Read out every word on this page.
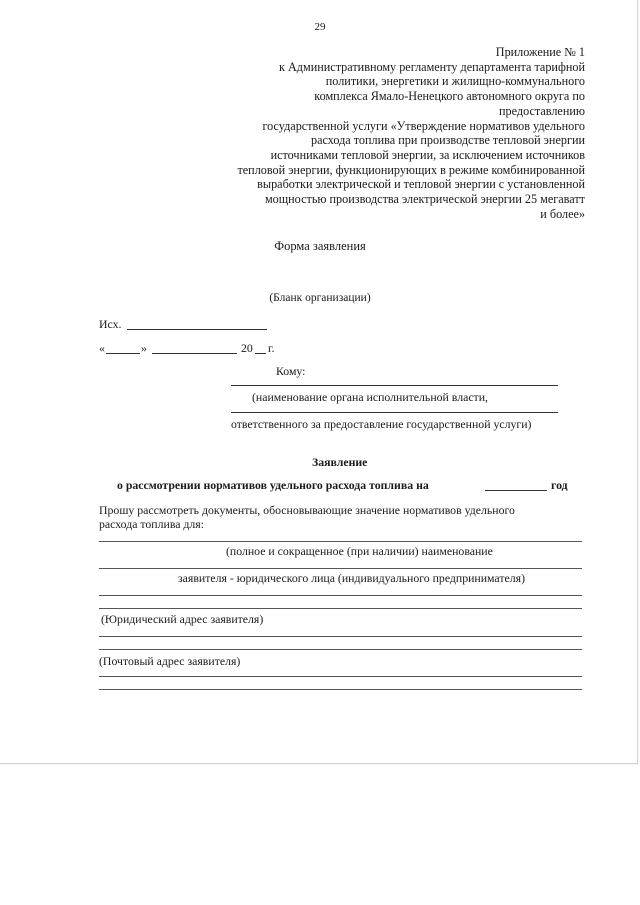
29
Приложение № 1
к Административному регламенту департамента тарифной
политики, энергетики и жилищно-коммунального
комплекса Ямало-Ненецкого автономного округа по
предоставлению
государственной услуги «Утверждение нормативов удельного
расхода топлива при производстве тепловой энергии
источниками тепловой энергии, за исключением источников
тепловой энергии, функционирующих в режиме комбинированной
выработки электрической и тепловой энергии с установленной
мощностью производства электрической энергии 25 мегаватт
и более»
Форма заявления
(Бланк организации)
Исх.
«	»	20 г.
Кому:
(наименование органа исполнительной власти,
ответственного за предоставление государственной услуги)
Заявление
о рассмотрении нормативов удельного расхода топлива на	год
Прошу рассмотреть документы, обосновывающие значение нормативов удельного
расхода топлива для:
(полное и сокращенное (при наличии) наименование
заявителя - юридического лица (индивидуального предпринимателя)
(Юридический адрес заявителя)
(Почтовый адрес заявителя)
